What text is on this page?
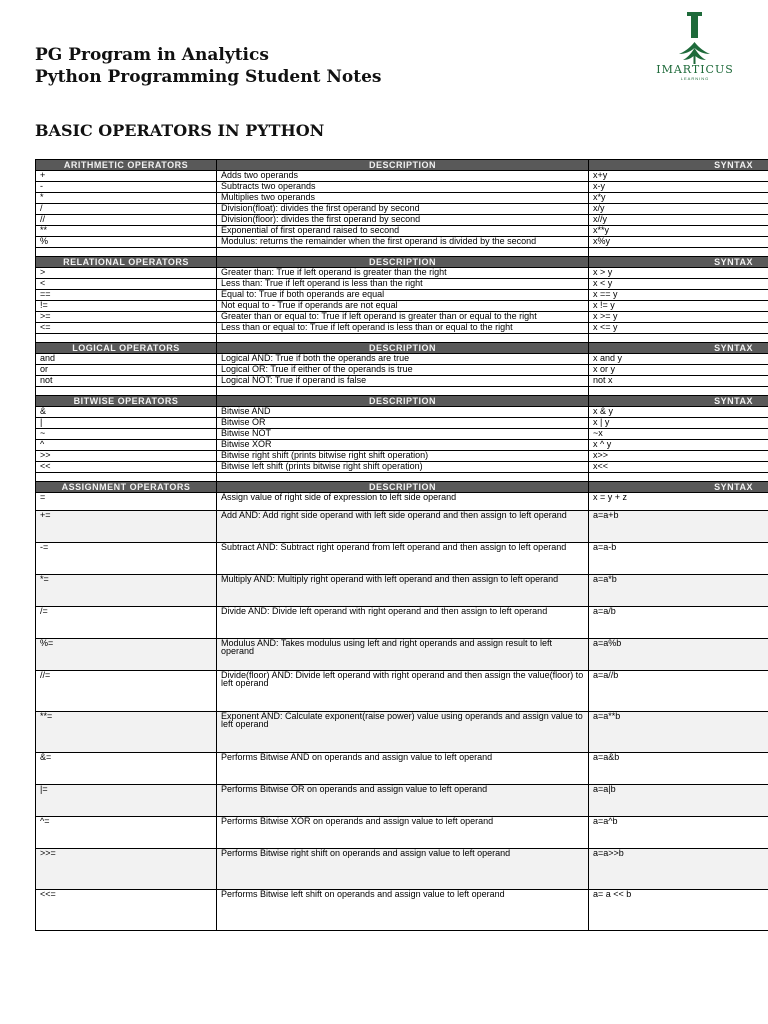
PG Program in Analytics
Python Programming Student Notes	IMARTICUS
LEARNING
BASIC OPERATORS IN PYTHON
ARITHMETIC OPERATORS	DESCRIPTION	SYNTAX
+	Adds two operands	x+y
-	Subtracts two operands	x-y
*	Multiplies two operands	x*y
/	Division(float): divides the first operand by second	x/y
//	Division(floor): divides the first operand by second	x//y
**	Exponential of first operand raised to second	x**y
%	Modulus: returns the remainder when the first operand is divided by the second	x%y

RELATIONAL OPERATORS	DESCRIPTION	SYNTAX
>	Greater than: True if left operand is greater than the right	x > y
<	Less than: True if left operand is less than the right	x < y
==	Equal to: True if both operands are equal	x == y
!=	Not equal to - True if operands are not equal	x != y
>=	Greater than or equal to: True if left operand is greater than or equal to the right	x >= y
<=	Less than or equal to: True if left operand is less than or equal to the right	x <= y

LOGICAL OPERATORS	DESCRIPTION	SYNTAX
and	Logical AND: True if both the operands are true	x and y
or	Logical OR: True if either of the operands is true	x or y
not	Logical NOT: True if operand is false	not x

BITWISE OPERATORS	DESCRIPTION	SYNTAX
&	Bitwise AND	x & y
|	Bitwise OR	x | y
~	Bitwise NOT	~x
^	Bitwise XOR	x ^ y
>>	Bitwise right shift (prints bitwise right shift operation)	x>>
<<	Bitwise left shift (prints bitwise right shift operation)	x<<

ASSIGNMENT OPERATORS	DESCRIPTION	SYNTAX
=	Assign value of right side of expression to left side operand	x = y + z
+=	Add AND: Add right side operand with left side operand and then assign to left operand	a=a+b
-=	Subtract AND: Subtract right operand from left operand and then assign to left operand	a=a-b
*=	Multiply AND: Multiply right operand with left operand and then assign to left operand	a=a*b
/=	Divide AND: Divide left operand with right operand and then assign to left operand	a=a/b
%=	Modulus AND: Takes modulus using left and right operands and assign result to left operand	a=a%b
//=	Divide(floor) AND: Divide left operand with right operand and then assign the value(floor) to left operand	a=a//b
**=	Exponent AND: Calculate exponent(raise power) value using operands and assign value to left operand	a=a**b
&=	Performs Bitwise AND on operands and assign value to left operand	a=a&b
|=	Performs Bitwise OR on operands and assign value to left operand	a=a|b
^=	Performs Bitwise XOR on operands and assign value to left operand	a=a^b
>>=	Performs Bitwise right shift on operands and assign value to left operand	a=a>>b
<<=	Performs Bitwise left shift on operands and assign value to left operand	a= a << b
